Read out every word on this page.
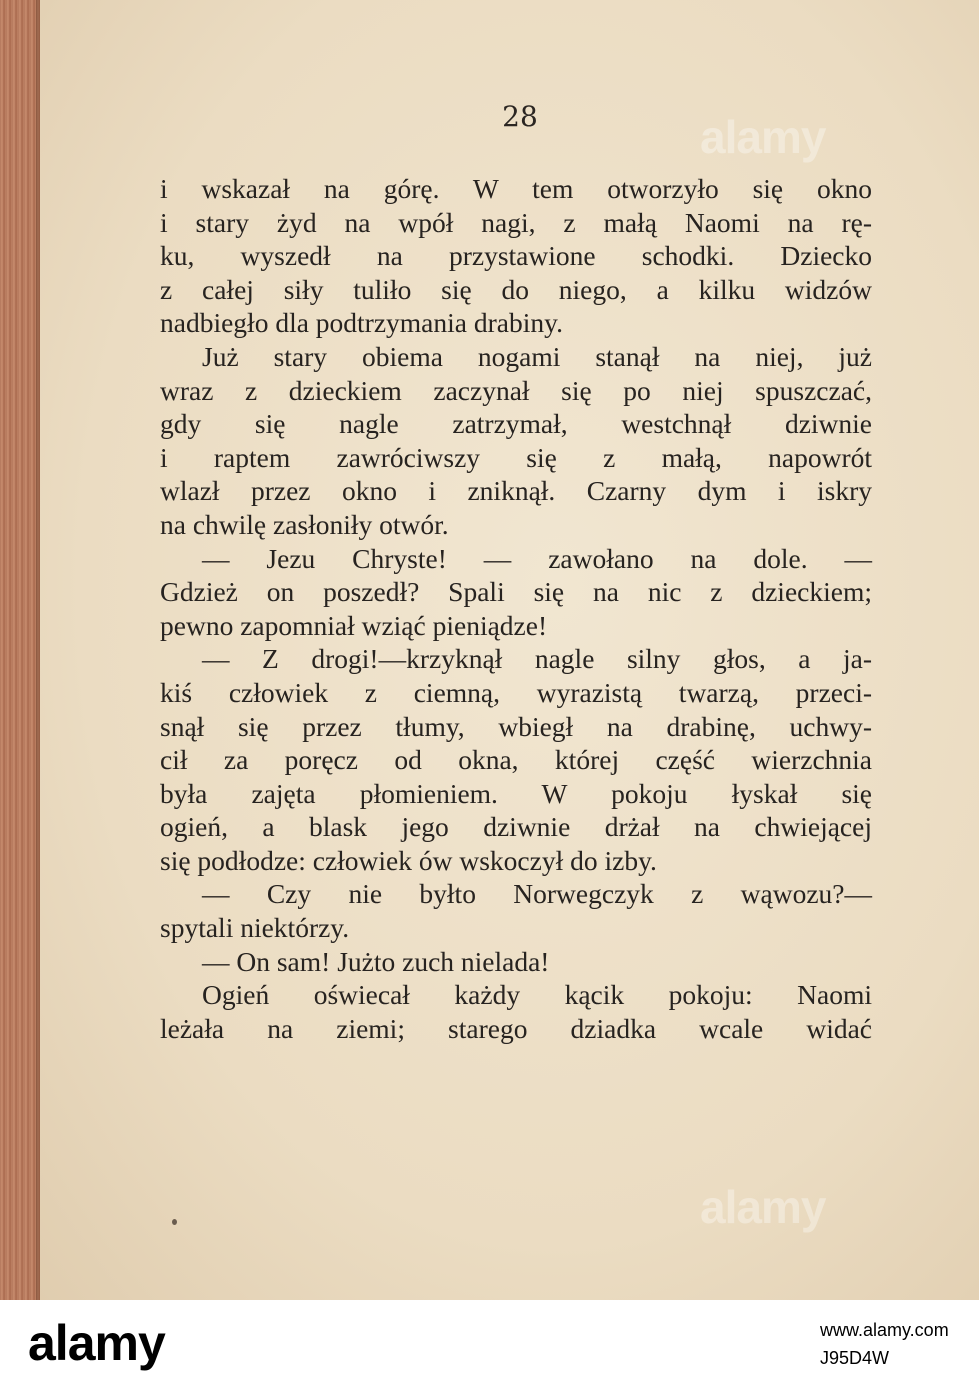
28
i wskazał na górę. W tem otworzyło się okno
i stary żyd na wpół nagi, z małą Naomi na rę-
ku, wyszedł na przystawione schodki. Dziecko
z całej siły tuliło się do niego, a kilku widzów
nadbiegło dla podtrzymania drabiny.
Już stary obiema nogami stanął na niej, już
wraz z dzieckiem zaczynał się po niej spuszczać,
gdy się nagle zatrzymał, westchnął dziwnie
i raptem zawróciwszy się z małą, napowrót
wlazł przez okno i zniknął. Czarny dym i iskry
na chwilę zasłoniły otwór.
— Jezu Chryste! — zawołano na dole. —
Gdzież on poszedł? Spali się na nic z dzieckiem;
pewno zapomniał wziąć pieniądze!
— Z drogi!—krzyknął nagle silny głos, a ja-
kiś człowiek z ciemną, wyrazistą twarzą, przeci-
snął się przez tłumy, wbiegł na drabinę, uchwy-
cił za poręcz od okna, której część wierzchnia
była zajęta płomieniem. W pokoju łyskał się
ogień, a blask jego dziwnie drżał na chwiejącej
się podłodze: człowiek ów wskoczył do izby.
— Czy nie byłto Norwegczyk z wąwozu?—
spytali niektórzy.
— On sam! Jużto zuch nielada!
Ogień oświecał każdy kącik pokoju: Naomi
leżała na ziemi; starego dziadka wcale widać
alamy
alamy
alamy	www.alamy.com
J95D4W
